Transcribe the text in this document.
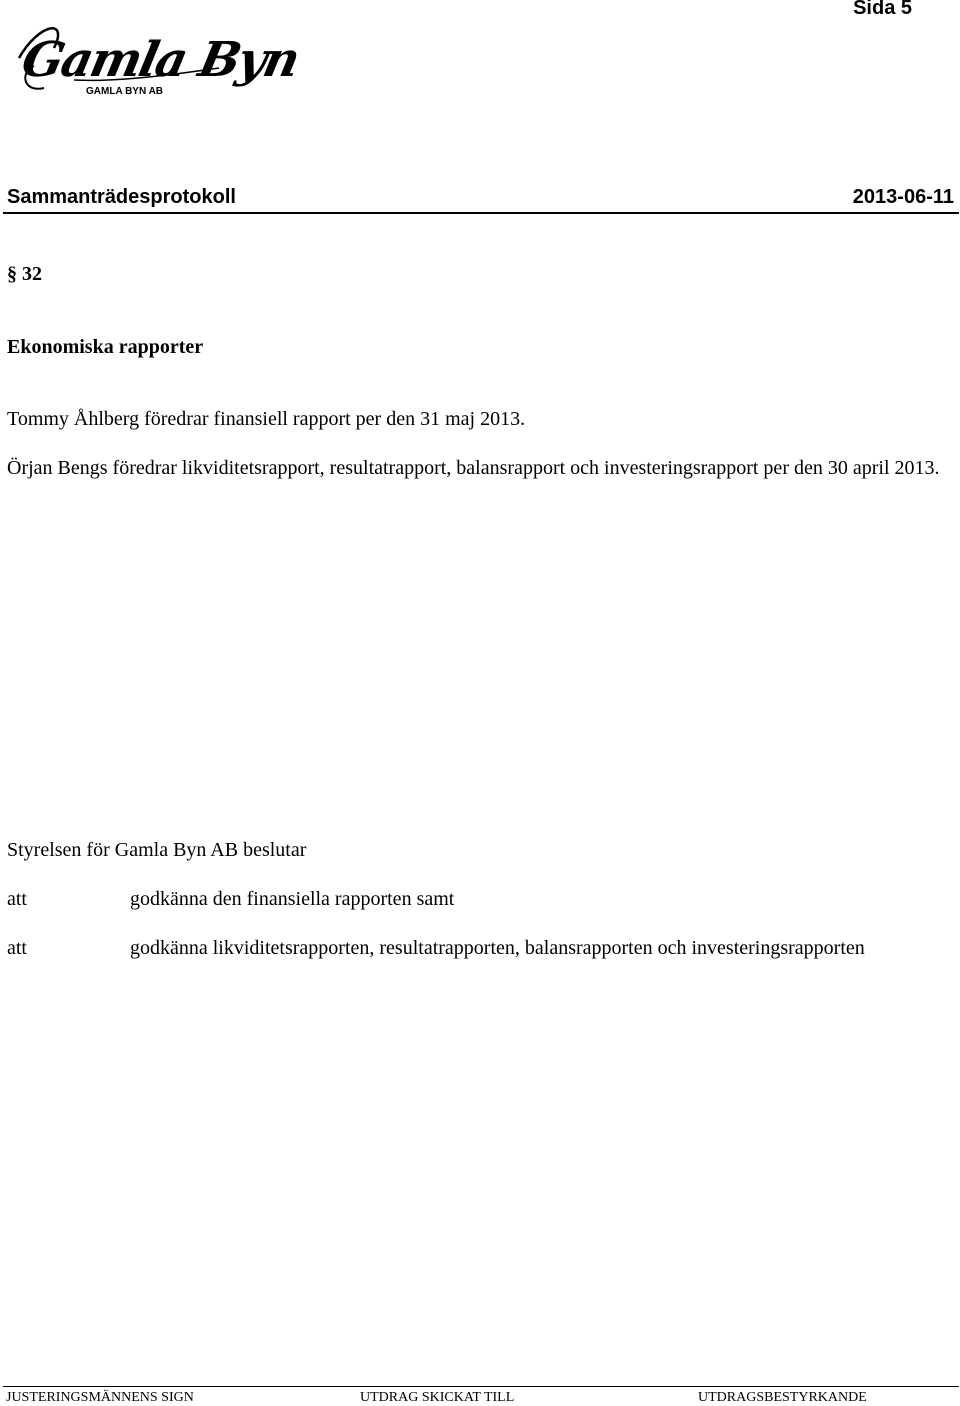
Sida 5
Gamla Byn
GAMLA BYN AB
Sammanträdesprotokoll	2013-06-11
§ 32
Ekonomiska rapporter
Tommy Åhlberg föredrar finansiell rapport per den 31 maj 2013.
Örjan Bengs föredrar likviditetsrapport, resultatrapport, balansrapport och investeringsrapport per den 30 april 2013.
Styrelsen för Gamla Byn AB beslutar
att	godkänna den finansiella rapporten samt
att	godkänna likviditetsrapporten, resultatrapporten, balansrapporten och investeringsrapporten
JUSTERINGSMÄNNENS SIGN	UTDRAG SKICKAT TILL	UTDRAGSBESTYRKANDE
